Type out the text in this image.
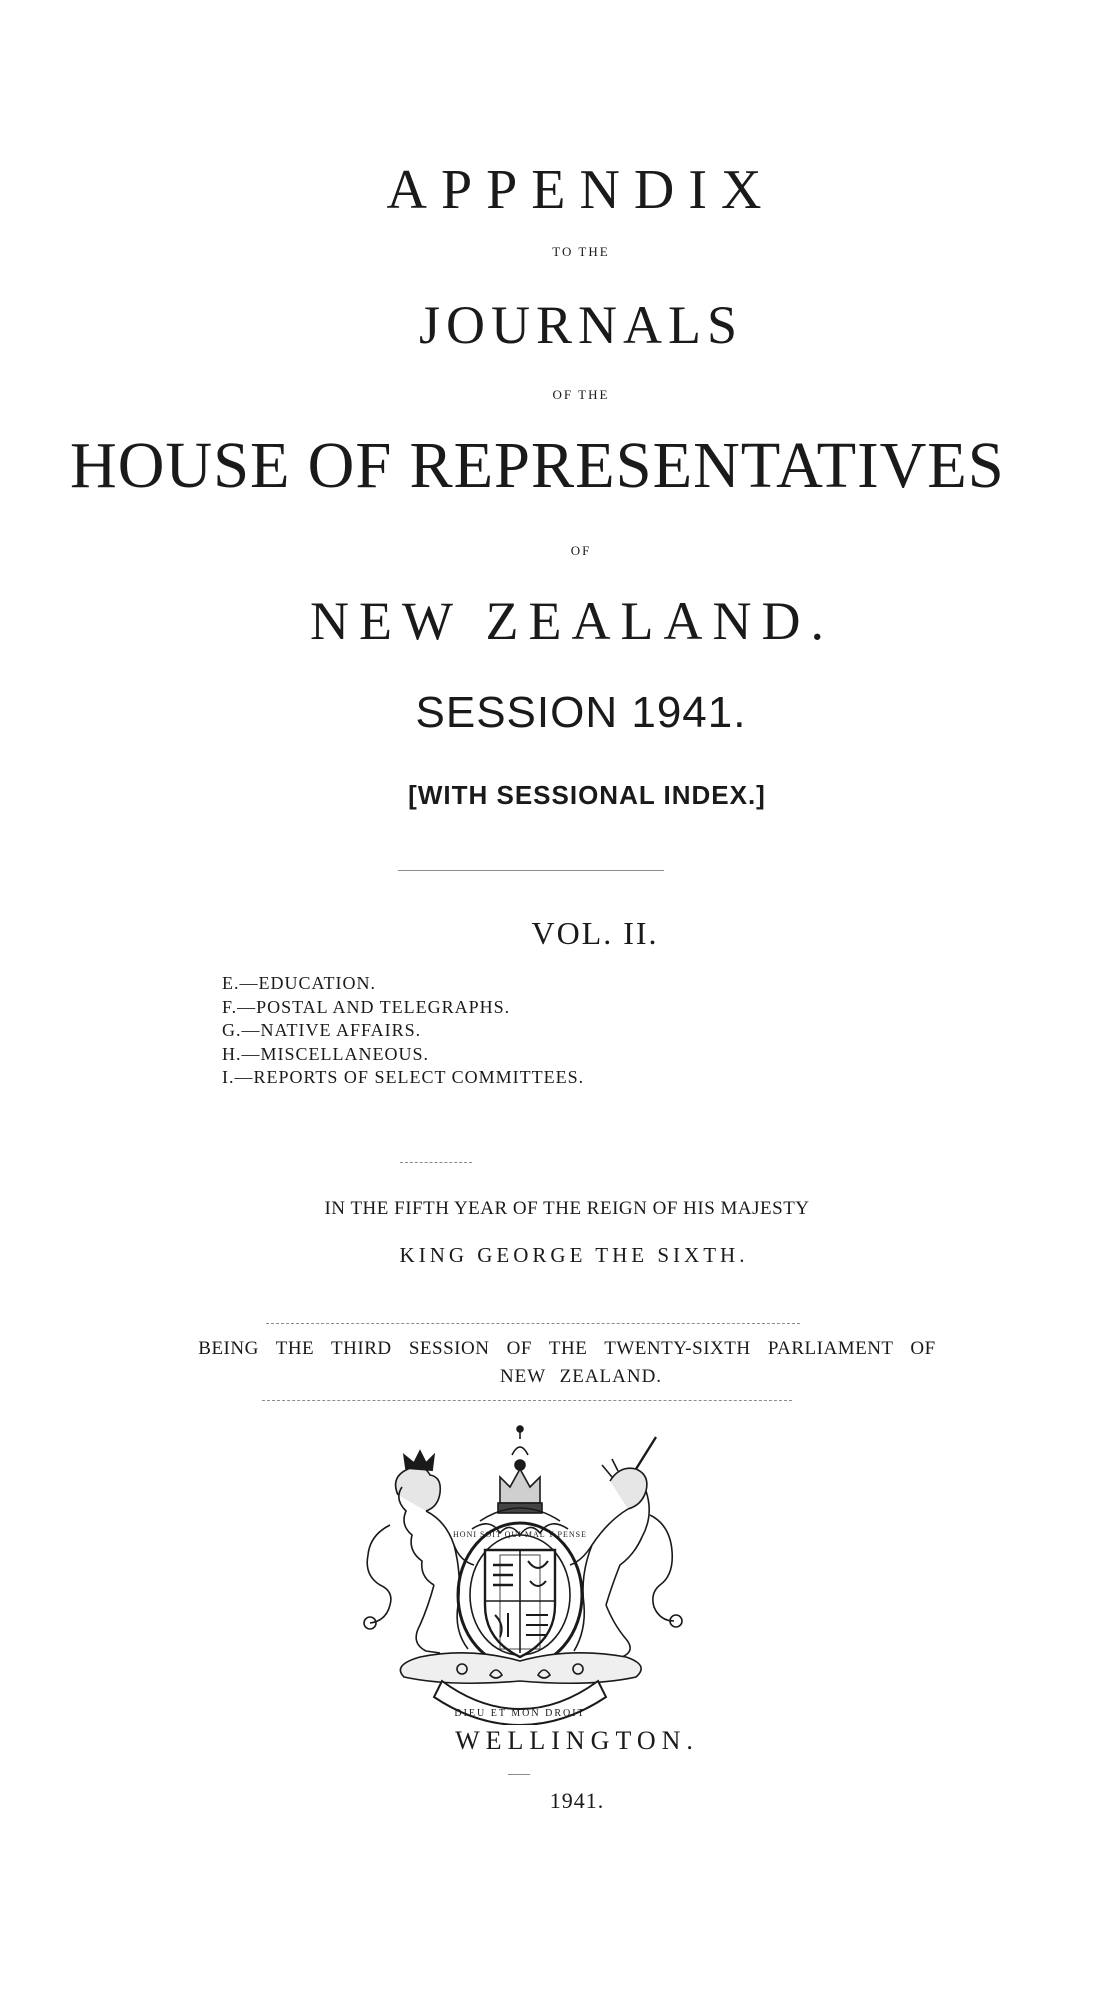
APPENDIX
TO THE
JOURNALS
OF THE
HOUSE OF REPRESENTATIVES
OF
NEW ZEALAND.
SESSION 1941.
[WITH SESSIONAL INDEX.]
VOL. II.
E.—EDUCATION.
F.—POSTAL AND TELEGRAPHS.
G.—NATIVE AFFAIRS.
H.—MISCELLANEOUS.
I.—REPORTS OF SELECT COMMITTEES.
IN THE FIFTH YEAR OF THE REIGN OF HIS MAJESTY
KING GEORGE THE SIXTH.
BEING THE THIRD SESSION OF THE TWENTY-SIXTH PARLIAMENT OF
NEW ZEALAND.
HONI SOIT QUI MAL Y PENSE
DIEU ET MON DROIT
WELLINGTON.
1941.
